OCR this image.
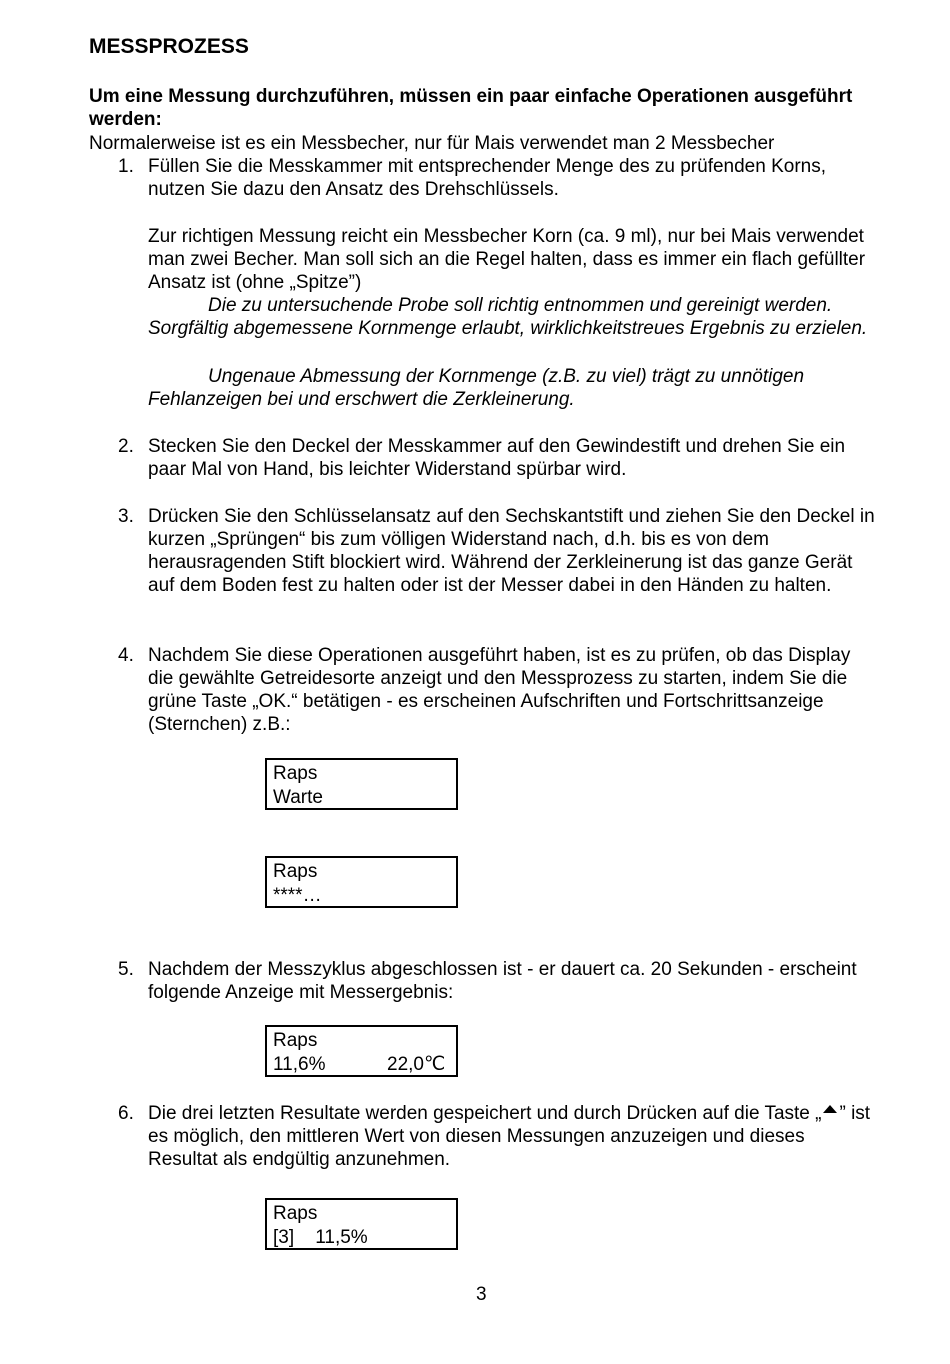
MESSPROZESS
Um eine Messung durchzuführen, müssen ein paar einfache Operationen ausgeführt werden:
Normalerweise ist es ein Messbecher, nur für Mais verwendet man 2 Messbecher
1. Füllen Sie die Messkammer mit entsprechender Menge des zu prüfenden Korns, nutzen Sie dazu den Ansatz des Drehschlüssels.
Zur richtigen Messung reicht ein Messbecher Korn (ca. 9 ml), nur bei Mais verwendet man zwei Becher. Man soll sich an die Regel halten, dass es immer ein flach gefüllter Ansatz ist (ohne „Spitze”)
Die zu untersuchende Probe soll richtig entnommen und gereinigt werden. Sorgfältig abgemessene Kornmenge erlaubt, wirklichkeitstreues Ergebnis zu erzielen.
Ungenaue Abmessung der Kornmenge (z.B. zu viel) trägt zu unnötigen Fehlanzeigen bei und erschwert die Zerkleinerung.
2. Stecken Sie den Deckel der Messkammer auf den Gewindestift und drehen Sie ein paar Mal von Hand, bis leichter Widerstand spürbar wird.
3. Drücken Sie den Schlüsselansatz auf den Sechskantstift und ziehen Sie den Deckel in kurzen „Sprüngen“ bis zum völligen Widerstand nach, d.h. bis es von dem herausragenden Stift blockiert wird. Während der Zerkleinerung ist das ganze Gerät auf dem Boden fest zu halten oder ist der Messer dabei in den Händen zu halten.
4. Nachdem Sie diese Operationen ausgeführt haben, ist es zu prüfen, ob das Display die gewählte Getreidesorte anzeigt und den Messprozess zu starten, indem Sie die grüne Taste „OK.“ betätigen - es erscheinen Aufschriften und Fortschrittsanzeige (Sternchen) z.B.:
Raps
Warte
Raps
****…
5. Nachdem der Messzyklus abgeschlossen ist - er dauert ca. 20 Sekunden - erscheint folgende Anzeige mit Messergebnis:
Raps
11,6%	22,0℃
6. Die drei letzten Resultate werden gespeichert und durch Drücken auf die Taste „ ” ist es möglich, den mittleren Wert von diesen Messungen anzuzeigen und dieses Resultat als endgültig anzunehmen.
Raps
[3]    11,5%
3
